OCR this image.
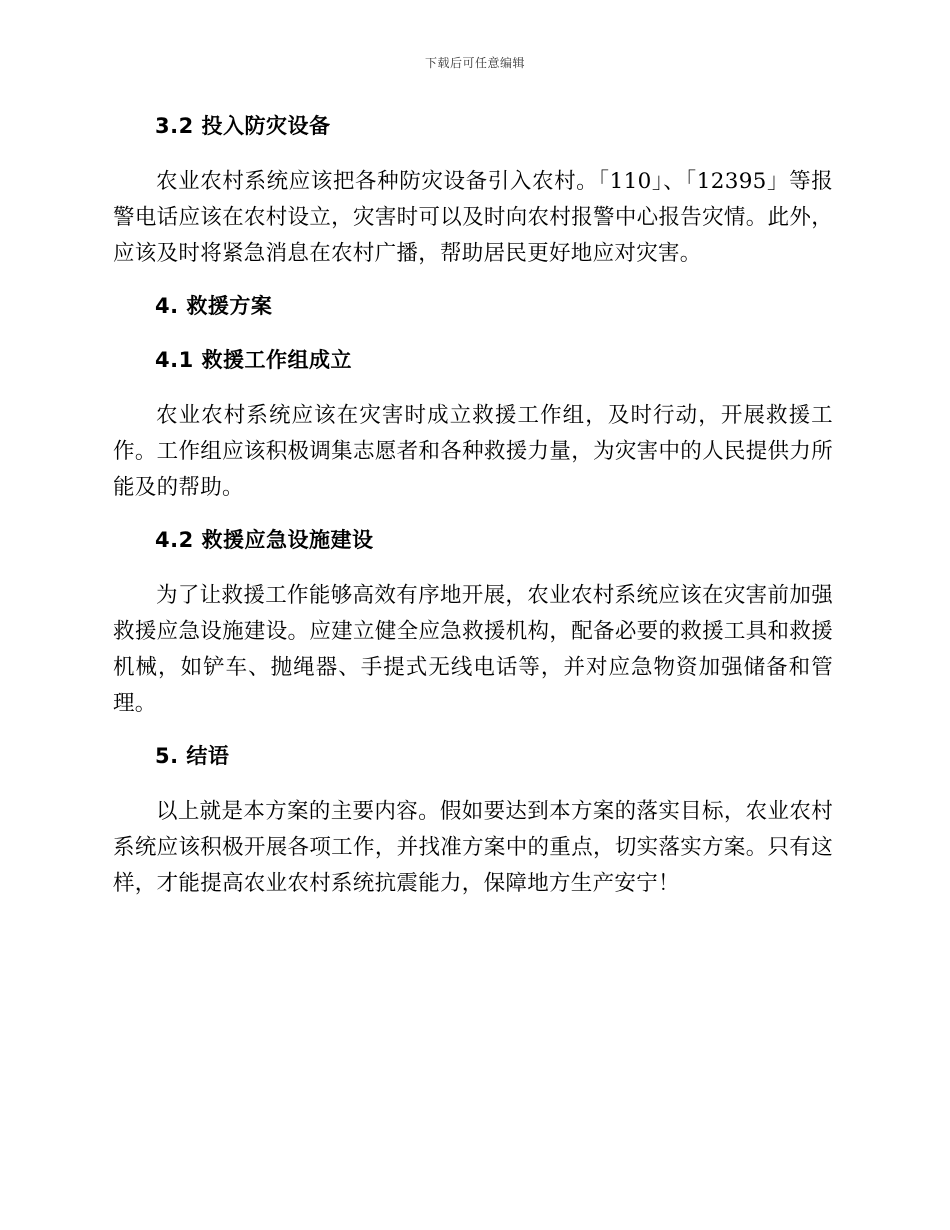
下载后可任意编辑
3.2 投入防灾设备

农业农村系统应该把各种防灾设备引入农村。「110」、「12395」等报警电话应该在农村设立，灾害时可以及时向农村报警中心报告灾情。此外，应该及时将紧急消息在农村广播，帮助居民更好地应对灾害。

4. 救援方案
4.1 救援工作组成立

农业农村系统应该在灾害时成立救援工作组，及时行动，开展救援工作。工作组应该积极调集志愿者和各种救援力量，为灾害中的人民提供力所能及的帮助。

4.2 救援应急设施建设

为了让救援工作能够高效有序地开展，农业农村系统应该在灾害前加强救援应急设施建设。应建立健全应急救援机构，配备必要的救援工具和救援机械，如铲车、抛绳器、手提式无线电话等，并对应急物资加强储备和管理。

5. 结语

以上就是本方案的主要内容。假如要达到本方案的落实目标，农业农村系统应该积极开展各项工作，并找准方案中的重点，切实落实方案。只有这样，才能提高农业农村系统抗震能力，保障地方生产安宁！
